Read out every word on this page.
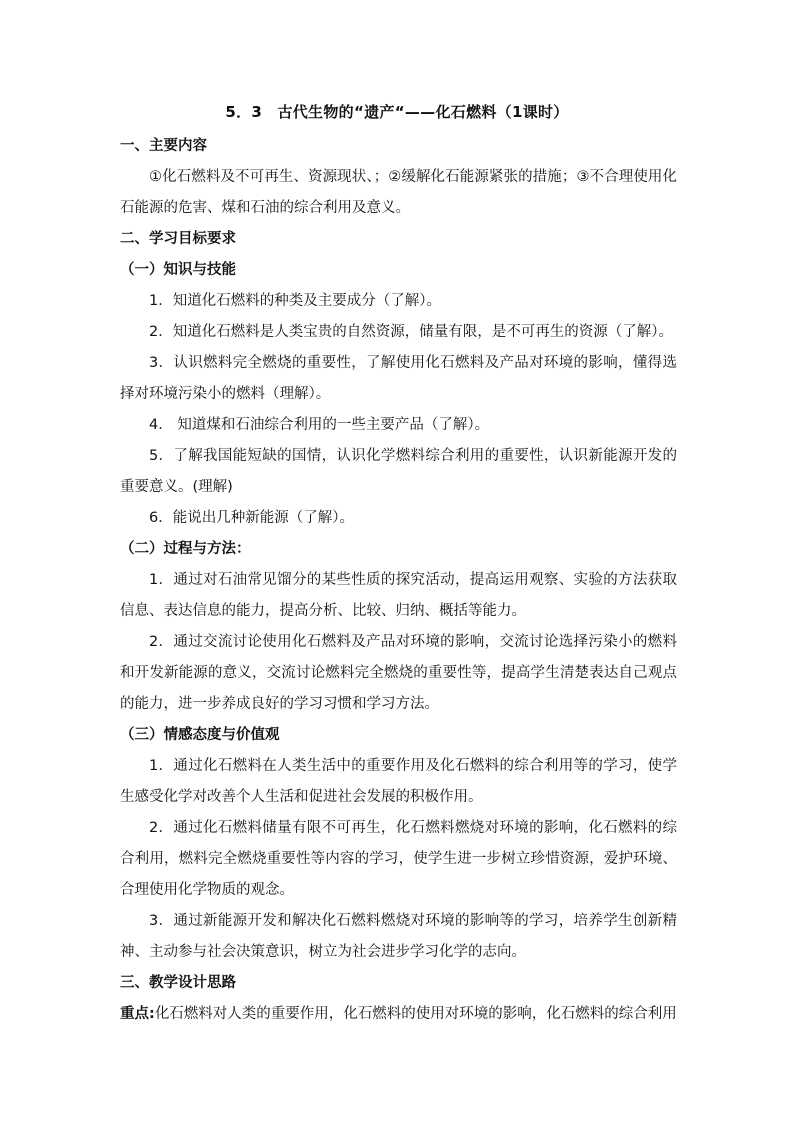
5．3　古代生物的“遗产“——化石燃料（1课时）
一、主要内容
①化石燃料及不可再生、资源现状、；②缓解化石能源紧张的措施；③不合理使用化石能源的危害、煤和石油的综合利用及意义。
二、学习目标要求
（一）知识与技能
1．知道化石燃料的种类及主要成分（了解）。
2．知道化石燃料是人类宝贵的自然资源，储量有限，是不可再生的资源（了解）。
3．认识燃料完全燃烧的重要性，了解使用化石燃料及产品对环境的影响，懂得选择对环境污染小的燃料（理解）。
4． 知道煤和石油综合利用的一些主要产品（了解）。
5．了解我国能短缺的国情，认识化学燃料综合利用的重要性，认识新能源开发的重要意义。(理解)
6．能说出几种新能源（了解）。
（二）过程与方法：
1．通过对石油常见馏分的某些性质的探究活动，提高运用观察、实验的方法获取信息、表达信息的能力，提高分析、比较、归纳、概括等能力。
2．通过交流讨论使用化石燃料及产品对环境的影响，交流讨论选择污染小的燃料和开发新能源的意义，交流讨论燃料完全燃烧的重要性等，提高学生清楚表达自己观点的能力，进一步养成良好的学习习惯和学习方法。
（三）情感态度与价值观
1．通过化石燃料在人类生活中的重要作用及化石燃料的综合利用等的学习，使学生感受化学对改善个人生活和促进社会发展的积极作用。
2．通过化石燃料储量有限不可再生，化石燃料燃烧对环境的影响，化石燃料的综合利用，燃料完全燃烧重要性等内容的学习，使学生进一步树立珍惜资源，爱护环境、合理使用化学物质的观念。
3．通过新能源开发和解决化石燃料燃烧对环境的影响等的学习，培养学生创新精神、主动参与社会决策意识，树立为社会进步学习化学的志向。
三、教学设计思路
重点:化石燃料对人类的重要作用，化石燃料的使用对环境的影响，化石燃料的综合利用
